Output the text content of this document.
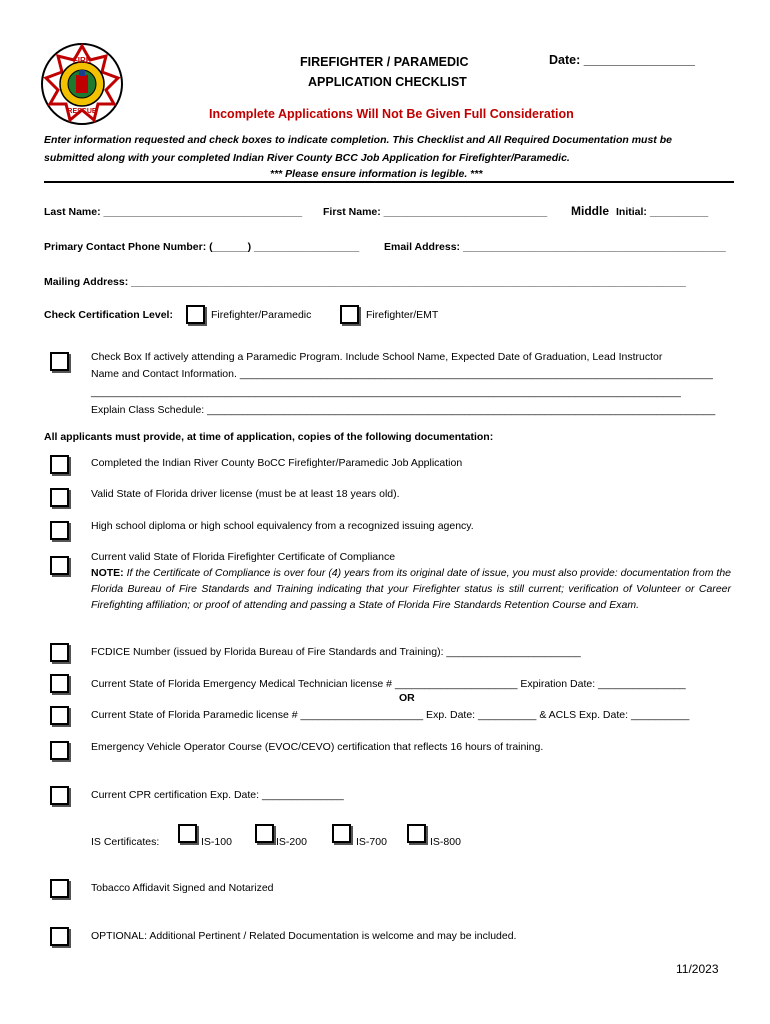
FIRE
RESCUE
FIREFIGHTER / PARAMEDIC
APPLICATION CHECKLIST
Date: ________________
Incomplete Applications Will Not Be Given Full Consideration
Enter information requested and check boxes to indicate completion. This Checklist and All Required Documentation must be
submitted along with your completed Indian River County BCC Job Application for Firefighter/Paramedic.
*** Please ensure information is legible. ***
Last Name: __________________________________ First Name: ____________________________ Middle Initial: __________
Primary Contact Phone Number: (______) __________________ Email Address: _____________________________________________
Mailing Address: _______________________________________________________________________________________________
Check Certification Level:	Firefighter/Paramedic	Firefighter/EMT
Check Box If actively attending a Paramedic Program. Include School Name, Expected Date of Graduation, Lead Instructor
Name and Contact Information. _________________________________________________________________________________
_____________________________________________________________________________________________________
Explain Class Schedule: _______________________________________________________________________________________
All applicants must provide, at time of application, copies of the following documentation:
Completed the Indian River County BoCC Firefighter/Paramedic Job Application
Valid State of Florida driver license (must be at least 18 years old).
High school diploma or high school equivalency from a recognized issuing agency.
Current valid State of Florida Firefighter Certificate of Compliance
NOTE: If the Certificate of Compliance is over four (4) years from its original date of issue, you must also provide: documentation from the Florida Bureau of Fire Standards and Training indicating that your Firefighter status is still current; verification of Volunteer or Career Firefighting affiliation; or proof of attending and passing a State of Florida Fire Standards Retention Course and Exam.
FCDICE Number (issued by Florida Bureau of Fire Standards and Training): _______________________
Current State of Florida Emergency Medical Technician license # _____________________ Expiration Date: _______________
OR
Current State of Florida Paramedic license # _____________________ Exp. Date: __________ & ACLS Exp. Date: __________
Emergency Vehicle Operator Course (EVOC/CEVO) certification that reflects 16 hours of training.
Current CPR certification Exp. Date: ______________
IS Certificates:	IS-100	IS-200	IS-700	IS-800
Tobacco Affidavit Signed and Notarized
OPTIONAL: Additional Pertinent / Related Documentation is welcome and may be included.
11/2023
